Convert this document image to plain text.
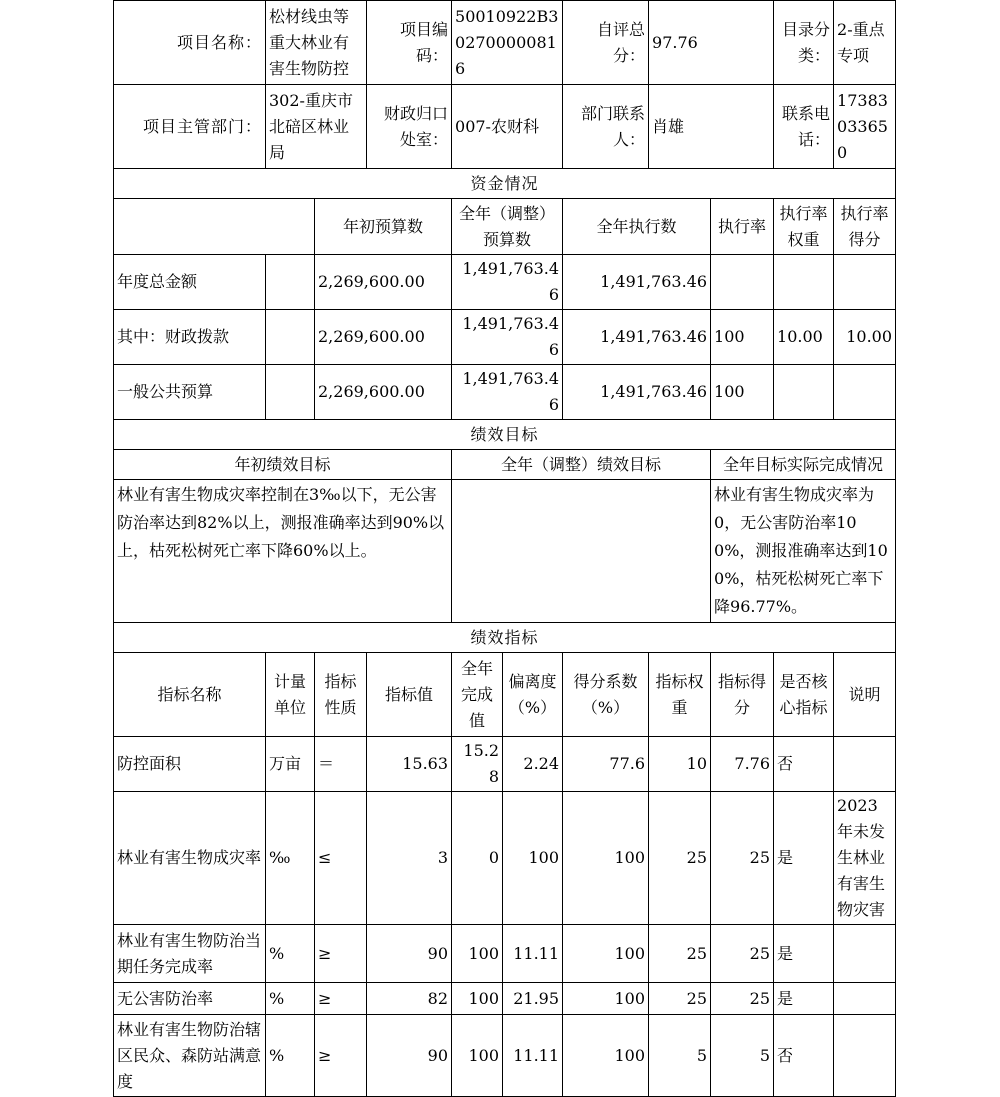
项目名称：	松材线虫等重大林业有害生物防控		项目编码：	50010922B302700000816		自评总分：	97.76		目录分类：	2-重点专项
项目主管部门：	302-重庆市北碚区林业局		财政归口处室：	007-农财科		部门联系人：	肖雄		联系电话：	17383033650
资金情况										
		年初预算数		全年（调整）预算数		全年执行数		执行率	执行率权重	执行率得分
年度总金额		2,269,600.00		1,491,763.46		1,491,763.46				
其中：财政拨款		2,269,600.00		1,491,763.46		1,491,763.46		100	10.00	10.00
一般公共预算		2,269,600.00		1,491,763.46		1,491,763.46		100		
绩效目标										
年初绩效目标				全年（调整）绩效目标				全年目标实际完成情况		
林业有害生物成灾率控制在3‰以下，无公害防治率达到82%以上，测报准确率达到90%以上，枯死松树死亡率下降60%以上。								林业有害生物成灾率为0，无公害防治率100%，测报准确率达到100%，枯死松树死亡率下降96.77%。		
绩效指标										
指标名称	计量单位	指标性质	指标值	全年完成值	偏离度（%）	得分系数（%）	指标权重	指标得分	是否核心指标	说明
防控面积	万亩	＝	15.63	15.28	2.24	77.6	10	7.76	否	
林业有害生物成灾率	‰	≤	3	0	100	100	25	25	是	2023年未发生林业有害生物灾害
林业有害生物防治当期任务完成率	%	≥	90	100	11.11	100	25	25	是	
无公害防治率	%	≥	82	100	21.95	100	25	25	是	
林业有害生物防治辖区民众、森防站满意度	%	≥	90	100	11.11	100	5	5	否	
